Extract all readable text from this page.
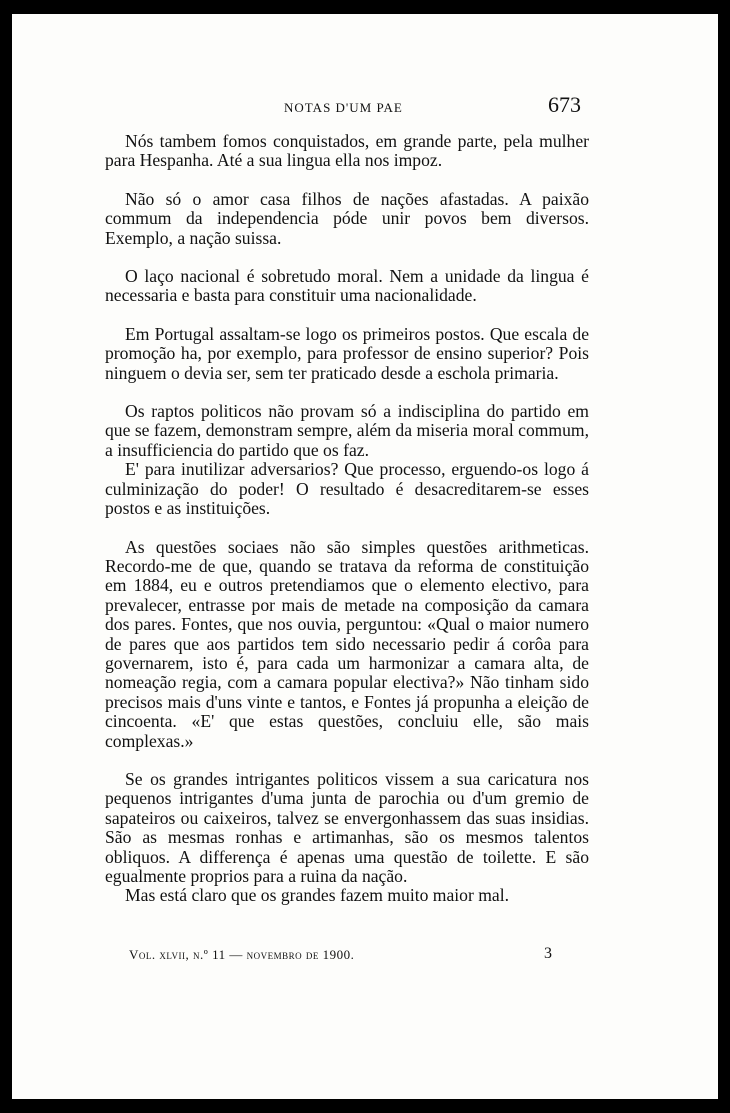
NOTAS D'UM PAE	673

Nós tambem fomos conquistados, em grande parte, pela mulher para Hespanha. Até a sua lingua ella nos impoz.

Não só o amor casa filhos de nações afastadas. A paixão commum da independencia póde unir povos bem diversos. Exemplo, a nação suissa.

O laço nacional é sobretudo moral. Nem a unidade da lingua é necessaria e basta para constituir uma nacionalidade.

Em Portugal assaltam-se logo os primeiros postos. Que escala de promoção ha, por exemplo, para professor de ensino superior? Pois ninguem o devia ser, sem ter praticado desde a eschola primaria.

Os raptos politicos não provam só a indisciplina do partido em que se fazem, demonstram sempre, além da miseria moral commum, a insufficiencia do partido que os faz.

E' para inutilizar adversarios? Que processo, erguendo-os logo á culminização do poder! O resultado é desacreditarem-se esses postos e as instituições.

As questões sociaes não são simples questões arithmeticas. Recordo-me de que, quando se tratava da reforma de constituição em 1884, eu e outros pretendiamos que o elemento electivo, para prevalecer, entrasse por mais de metade na composição da camara dos pares. Fontes, que nos ouvia, perguntou: «Qual o maior numero de pares que aos partidos tem sido necessario pedir á corôa para governarem, isto é, para cada um harmonizar a camara alta, de nomeação regia, com a camara popular electiva?» Não tinham sido precisos mais d'uns vinte e tantos, e Fontes já propunha a eleição de cincoenta. «E' que estas questões, concluiu elle, são mais complexas.»

Se os grandes intrigantes politicos vissem a sua caricatura nos pequenos intrigantes d'uma junta de parochia ou d'um gremio de sapateiros ou caixeiros, talvez se envergonhassem das suas insidias. São as mesmas ronhas e artimanhas, são os mesmos talentos obliquos. A differença é apenas uma questão de toilette. E são egualmente proprios para a ruina da nação.

Mas está claro que os grandes fazem muito maior mal.

Vol. xlvii, n.º 11 — novembro de 1900.	3
